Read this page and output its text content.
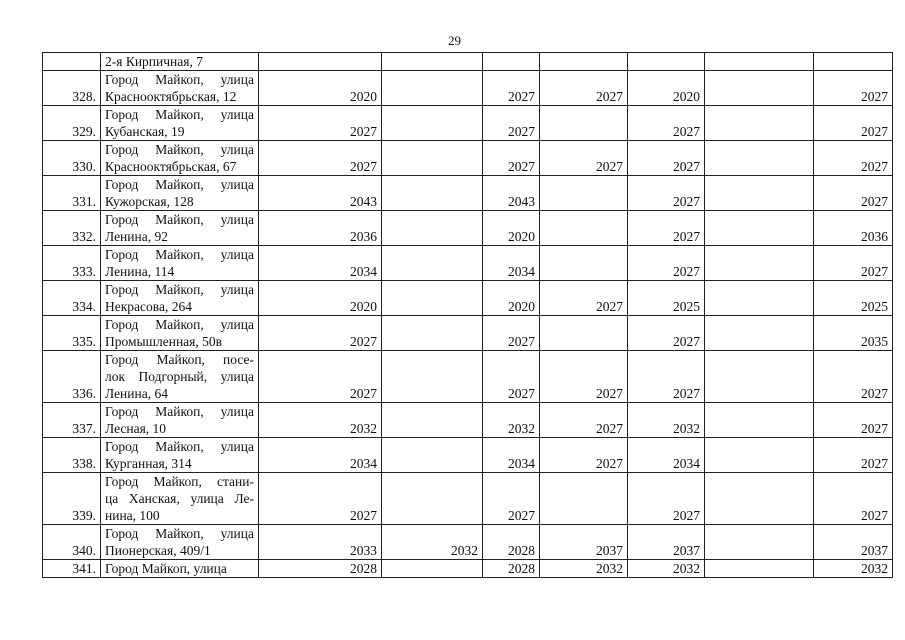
29

	2-я Кирпичная, 7							

328.	Город Майкоп, улица
Краснооктябрьская, 12	2020		2027	2027	2020		2027
329.	Город Майкоп, улица
Кубанская, 19	2027		2027		2027		2027
330.	Город Майкоп, улица
Краснооктябрьская, 67	2027		2027	2027	2027		2027
331.	Город Майкоп, улица
Кужорская, 128	2043		2043		2027		2027
332.	Город Майкоп, улица
Ленина, 92	2036		2020		2027		2036
333.	Город Майкоп, улица
Ленина, 114	2034		2034		2027		2027
334.	Город Майкоп, улица
Некрасова, 264	2020		2020	2027	2025		2025
335.	Город Майкоп, улица
Промышленная, 50в	2027		2027		2027		2035
336.	Город Майкоп, посе-
лок Подгорный, улица
Ленина, 64	2027		2027	2027	2027		2027
337.	Город Майкоп, улица
Лесная, 10	2032		2032	2027	2032		2027
338.	Город Майкоп, улица
Курганная, 314	2034		2034	2027	2034		2027
339.	Город Майкоп, стани-
ца Ханская, улица Ле-
нина, 100	2027		2027		2027		2027
340.	Город Майкоп, улица
Пионерская, 409/1	2033	2032	2028	2037	2037		2037
341.	Город Майкоп, улица	2028		2028	2032	2032		2032
